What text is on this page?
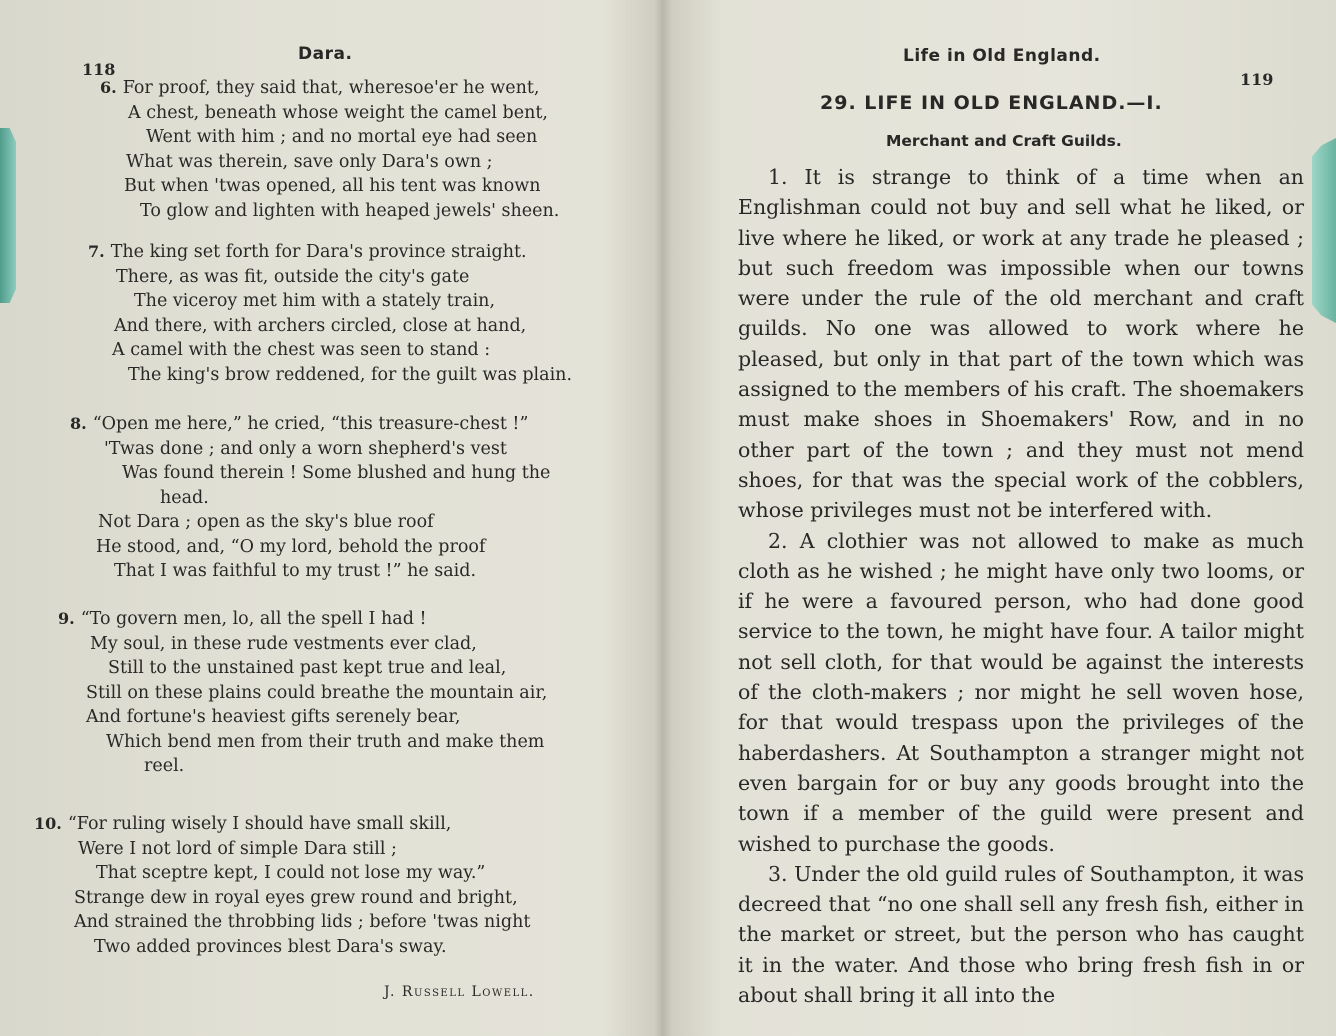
118
Dara.
6. For proof, they said that, wheresoe'er he went,
A chest, beneath whose weight the camel bent,
Went with him ; and no mortal eye had seen
What was therein, save only Dara's own ;
But when 'twas opened, all his tent was known
To glow and lighten with heaped jewels' sheen.
7. The king set forth for Dara's province straight.
There, as was fit, outside the city's gate
The viceroy met him with a stately train,
And there, with archers circled, close at hand,
A camel with the chest was seen to stand :
The king's brow reddened, for the guilt was plain.
8. “Open me here,” he cried, “this treasure-chest !”
'Twas done ; and only a worn shepherd's vest
Was found therein ! Some blushed and hung the
head.
Not Dara ; open as the sky's blue roof
He stood, and, “O my lord, behold the proof
That I was faithful to my trust !” he said.
9. “To govern men, lo, all the spell I had !
My soul, in these rude vestments ever clad,
Still to the unstained past kept true and leal,
Still on these plains could breathe the mountain air,
And fortune's heaviest gifts serenely bear,
Which bend men from their truth and make them
reel.
10. “For ruling wisely I should have small skill,
Were I not lord of simple Dara still ;
That sceptre kept, I could not lose my way.”
Strange dew in royal eyes grew round and bright,
And strained the throbbing lids ; before 'twas night
Two added provinces blest Dara's sway.
J. Russell Lowell.
Life in Old England.
119
29. LIFE IN OLD ENGLAND.—I.
Merchant and Craft Guilds.

1. It is strange to think of a time when an Englishman could not buy and sell what he liked, or live where he liked, or work at any trade he pleased ; but such freedom was impossible when our towns were under the rule of the old merchant and craft guilds. No one was allowed to work where he pleased, but only in that part of the town which was assigned to the members of his craft. The shoemakers must make shoes in Shoemakers' Row, and in no other part of the town ; and they must not mend shoes, for that was the special work of the cobblers, whose privileges must not be interfered with.

2. A clothier was not allowed to make as much cloth as he wished ; he might have only two looms, or if he were a favoured person, who had done good service to the town, he might have four. A tailor might not sell cloth, for that would be against the interests of the cloth-makers ; nor might he sell woven hose, for that would trespass upon the privileges of the haberdashers. At Southampton a stranger might not even bargain for or buy any goods brought into the town if a member of the guild were present and wished to purchase the goods.

3. Under the old guild rules of Southampton, it was decreed that “no one shall sell any fresh fish, either in the market or street, but the person who has caught it in the water. And those who bring fresh fish in or about shall bring it all into the
